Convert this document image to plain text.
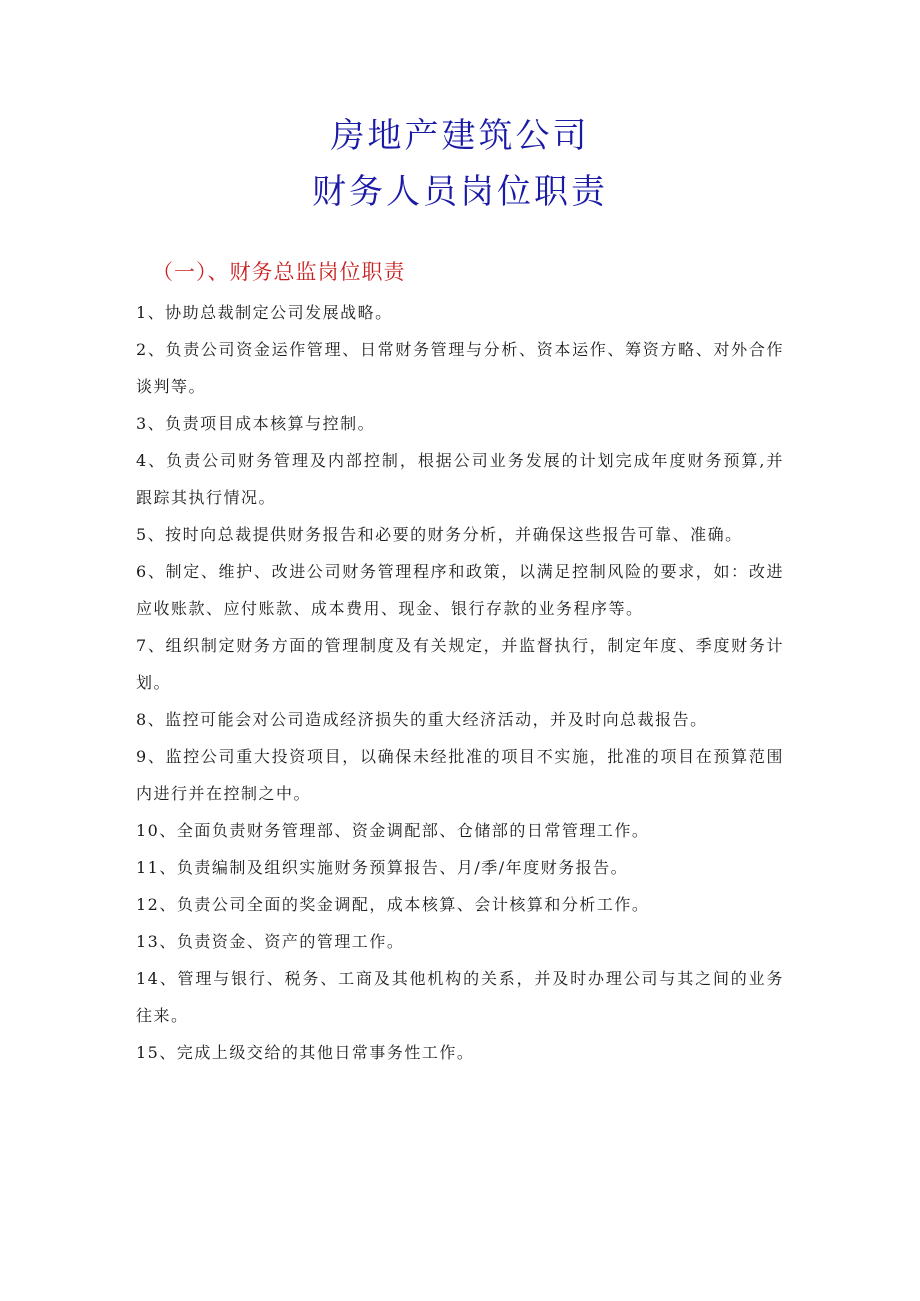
房地产建筑公司
财务人员岗位职责
（一）、财务总监岗位职责

1、协助总裁制定公司发展战略。

2、负责公司资金运作管理、日常财务管理与分析、资本运作、筹资方略、对外合作谈判等。

3、负责项目成本核算与控制。

4、负责公司财务管理及内部控制，根据公司业务发展的计划完成年度财务预算,并跟踪其执行情况。

5、按时向总裁提供财务报告和必要的财务分析，并确保这些报告可靠、准确。

6、制定、维护、改进公司财务管理程序和政策，以满足控制风险的要求，如：改进应收账款、应付账款、成本费用、现金、银行存款的业务程序等。

7、组织制定财务方面的管理制度及有关规定，并监督执行，制定年度、季度财务计划。

8、监控可能会对公司造成经济损失的重大经济活动，并及时向总裁报告。

9、监控公司重大投资项目，以确保未经批准的项目不实施，批准的项目在预算范围内进行并在控制之中。

10、全面负责财务管理部、资金调配部、仓储部的日常管理工作。

11、负责编制及组织实施财务预算报告、月/季/年度财务报告。

12、负责公司全面的奖金调配，成本核算、会计核算和分析工作。

13、负责资金、资产的管理工作。

14、管理与银行、税务、工商及其他机构的关系，并及时办理公司与其之间的业务往来。

15、完成上级交给的其他日常事务性工作。
